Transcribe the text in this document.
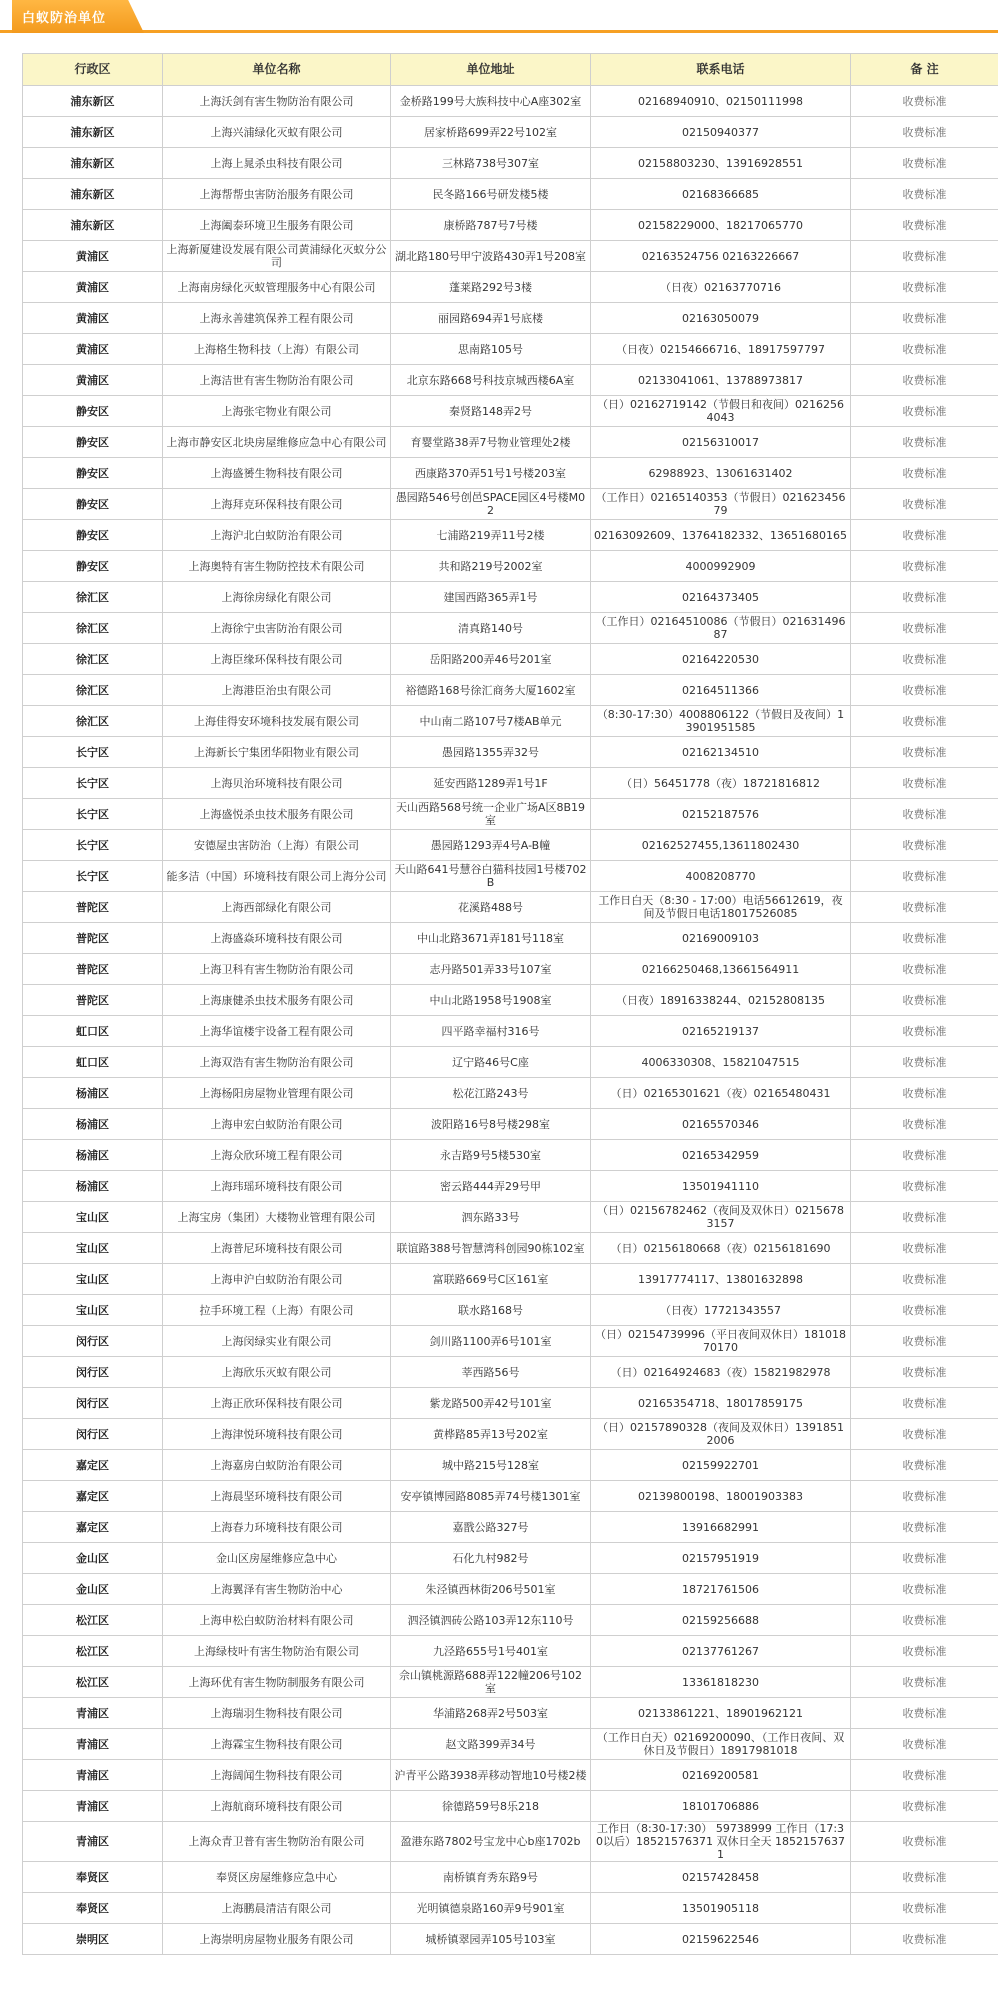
白蚁防治单位
行政区	单位名称	单位地址	联系电话	备 注
浦东新区	上海沃剑有害生物防治有限公司	金桥路199号大族科技中心A座302室	02168940910、02150111998	收费标准
浦东新区	上海兴浦绿化灭蚁有限公司	居家桥路699弄22号102室	02150940377	收费标准
浦东新区	上海上晁杀虫科技有限公司	三林路738号307室	02158803230、13916928551	收费标准
浦东新区	上海帮帮虫害防治服务有限公司	民冬路166号研发楼5楼	02168366685	收费标准
浦东新区	上海阖泰环境卫生服务有限公司	康桥路787号7号楼	02158229000、18217065770	收费标准
黄浦区	上海新厦建设发展有限公司黄浦绿化灭蚁分公司	湖北路180号甲宁波路430弄1号208室	02163524756 02163226667	收费标准
黄浦区	上海南房绿化灭蚁管理服务中心有限公司	蓬莱路292号3楼	（日夜）02163770716	收费标准
黄浦区	上海永善建筑保养工程有限公司	丽园路694弄1号底楼	02163050079	收费标准
黄浦区	上海格生物科技（上海）有限公司	思南路105号	（日夜）02154666716、18917597797	收费标准
黄浦区	上海洁世有害生物防治有限公司	北京东路668号科技京城西楼6A室	02133041061、13788973817	收费标准
静安区	上海张宅物业有限公司	秦贤路148弄2号	（日）02162719142（节假日和夜间）02162564043	收费标准
静安区	上海市静安区北块房屋维修应急中心有限公司	育婴堂路38弄7号物业管理处2楼	02156310017	收费标准
静安区	上海盛赟生物科技有限公司	西康路370弄51号1号楼203室	62988923、13061631402	收费标准
静安区	上海拜克环保科技有限公司	愚园路546号创邑SPACE园区4号楼M02	（工作日）02165140353（节假日）02162345679	收费标准
静安区	上海沪北白蚁防治有限公司	七浦路219弄11号2楼	02163092609、13764182332、13651680165	收费标准
静安区	上海奥特有害生物防控技术有限公司	共和路219号2002室	4000992909	收费标准
徐汇区	上海徐房绿化有限公司	建国西路365弄1号	02164373405	收费标准
徐汇区	上海徐宁虫害防治有限公司	清真路140号	（工作日）02164510086（节假日）02163149687	收费标准
徐汇区	上海臣缘环保科技有限公司	岳阳路200弄46号201室	02164220530	收费标准
徐汇区	上海港臣治虫有限公司	裕德路168号徐汇商务大厦1602室	02164511366	收费标准
徐汇区	上海佳得安环境科技发展有限公司	中山南二路107号7楼AB单元	（8:30-17:30）4008806122（节假日及夜间）13901951585	收费标准
长宁区	上海新长宁集团华阳物业有限公司	愚园路1355弄32号	02162134510	收费标准
长宁区	上海贝治环境科技有限公司	延安西路1289弄1号1F	（日）56451778（夜）18721816812	收费标准
长宁区	上海盛悦杀虫技术服务有限公司	天山西路568号统一企业广场A区8B19室	02152187576	收费标准
长宁区	安德屋虫害防治（上海）有限公司	愚园路1293弄4号A-B幢	02162527455,13611802430	收费标准
长宁区	能多洁（中国）环境科技有限公司上海分公司	天山路641号慧谷白猫科技园1号楼702B	4008208770	收费标准
普陀区	上海西部绿化有限公司	花溪路488号	工作日白天（8:30 - 17:00）电话56612619，夜间及节假日电话18017526085	收费标准
普陀区	上海盛焱环境科技有限公司	中山北路3671弄181号118室	02169009103	收费标准
普陀区	上海卫科有害生物防治有限公司	志丹路501弄33号107室	02166250468,13661564911	收费标准
普陀区	上海康健杀虫技术服务有限公司	中山北路1958号1908室	（日夜）18916338244、02152808135	收费标准
虹口区	上海华谊楼宇设备工程有限公司	四平路幸福村316号	02165219137	收费标准
虹口区	上海双浩有害生物防治有限公司	辽宁路46号C座	4006330308、15821047515	收费标准
杨浦区	上海杨阳房屋物业管理有限公司	松花江路243号	（日）02165301621（夜）02165480431	收费标准
杨浦区	上海申宏白蚁防治有限公司	波阳路16号8号楼298室	02165570346	收费标准
杨浦区	上海众欣环境工程有限公司	永吉路9号5楼530室	02165342959	收费标准
杨浦区	上海玮瑶环境科技有限公司	密云路444弄29号甲	13501941110	收费标准
宝山区	上海宝房（集团）大楼物业管理有限公司	泗东路33号	（日）02156782462（夜间及双休日）02156783157	收费标准
宝山区	上海普尼环境科技有限公司	联谊路388号智慧湾科创园90栋102室	（日）02156180668（夜）02156181690	收费标准
宝山区	上海申沪白蚁防治有限公司	富联路669号C区161室	13917774117、13801632898	收费标准
宝山区	拉手环境工程（上海）有限公司	联水路168号	（日夜）17721343557	收费标准
闵行区	上海闵绿实业有限公司	剑川路1100弄6号101室	（日）02154739996（平日夜间双休日）18101870170	收费标准
闵行区	上海欣乐灭蚁有限公司	莘西路56号	（日）02164924683（夜）15821982978	收费标准
闵行区	上海正欣环保科技有限公司	紫龙路500弄42号101室	02165354718、18017859175	收费标准
闵行区	上海津悦环境科技有限公司	黄桦路85弄13号202室	（日）02157890328（夜间及双休日）13918512006	收费标准
嘉定区	上海嘉房白蚁防治有限公司	城中路215号128室	02159922701	收费标准
嘉定区	上海晨坚环境科技有限公司	安亭镇博园路8085弄74号楼1301室	02139800198、18001903383	收费标准
嘉定区	上海春力环境科技有限公司	嘉戬公路327号	13916682991	收费标准
金山区	金山区房屋维修应急中心	石化九村982号	02157951919	收费标准
金山区	上海翼泽有害生物防治中心	朱泾镇西林街206号501室	18721761506	收费标准
松江区	上海申松白蚁防治材料有限公司	泗泾镇泗砖公路103弄12东110号	02159256688	收费标准
松江区	上海绿枝叶有害生物防治有限公司	九泾路655号1号401室	02137761267	收费标准
松江区	上海环优有害生物防制服务有限公司	佘山镇桃源路688弄122幢206号102室	13361818230	收费标准
青浦区	上海瑞羽生物科技有限公司	华浦路268弄2号503室	02133861221、18901962121	收费标准
青浦区	上海霖宝生物科技有限公司	赵文路399弄34号	（工作日白天）02169200090、（工作日夜间、双休日及节假日）18917981018	收费标准
青浦区	上海阔闻生物科技有限公司	沪青平公路3938弄移动智地10号楼2楼	02169200581	收费标准
青浦区	上海航商环境科技有限公司	徐德路59号8乐218	18101706886	收费标准
青浦区	上海众青卫普有害生物防治有限公司	盈港东路7802号宝龙中心b座1702b	工作日（8:30-17:30） 59738999 工作日（17:30以后）18521576371 双休日全天 18521576371	收费标准
奉贤区	奉贤区房屋维修应急中心	南桥镇育秀东路9号	02157428458	收费标准
奉贤区	上海鹏晨清洁有限公司	光明镇德泉路160弄9号901室	13501905118	收费标准
崇明区	上海崇明房屋物业服务有限公司	城桥镇翠园弄105号103室	02159622546	收费标准
